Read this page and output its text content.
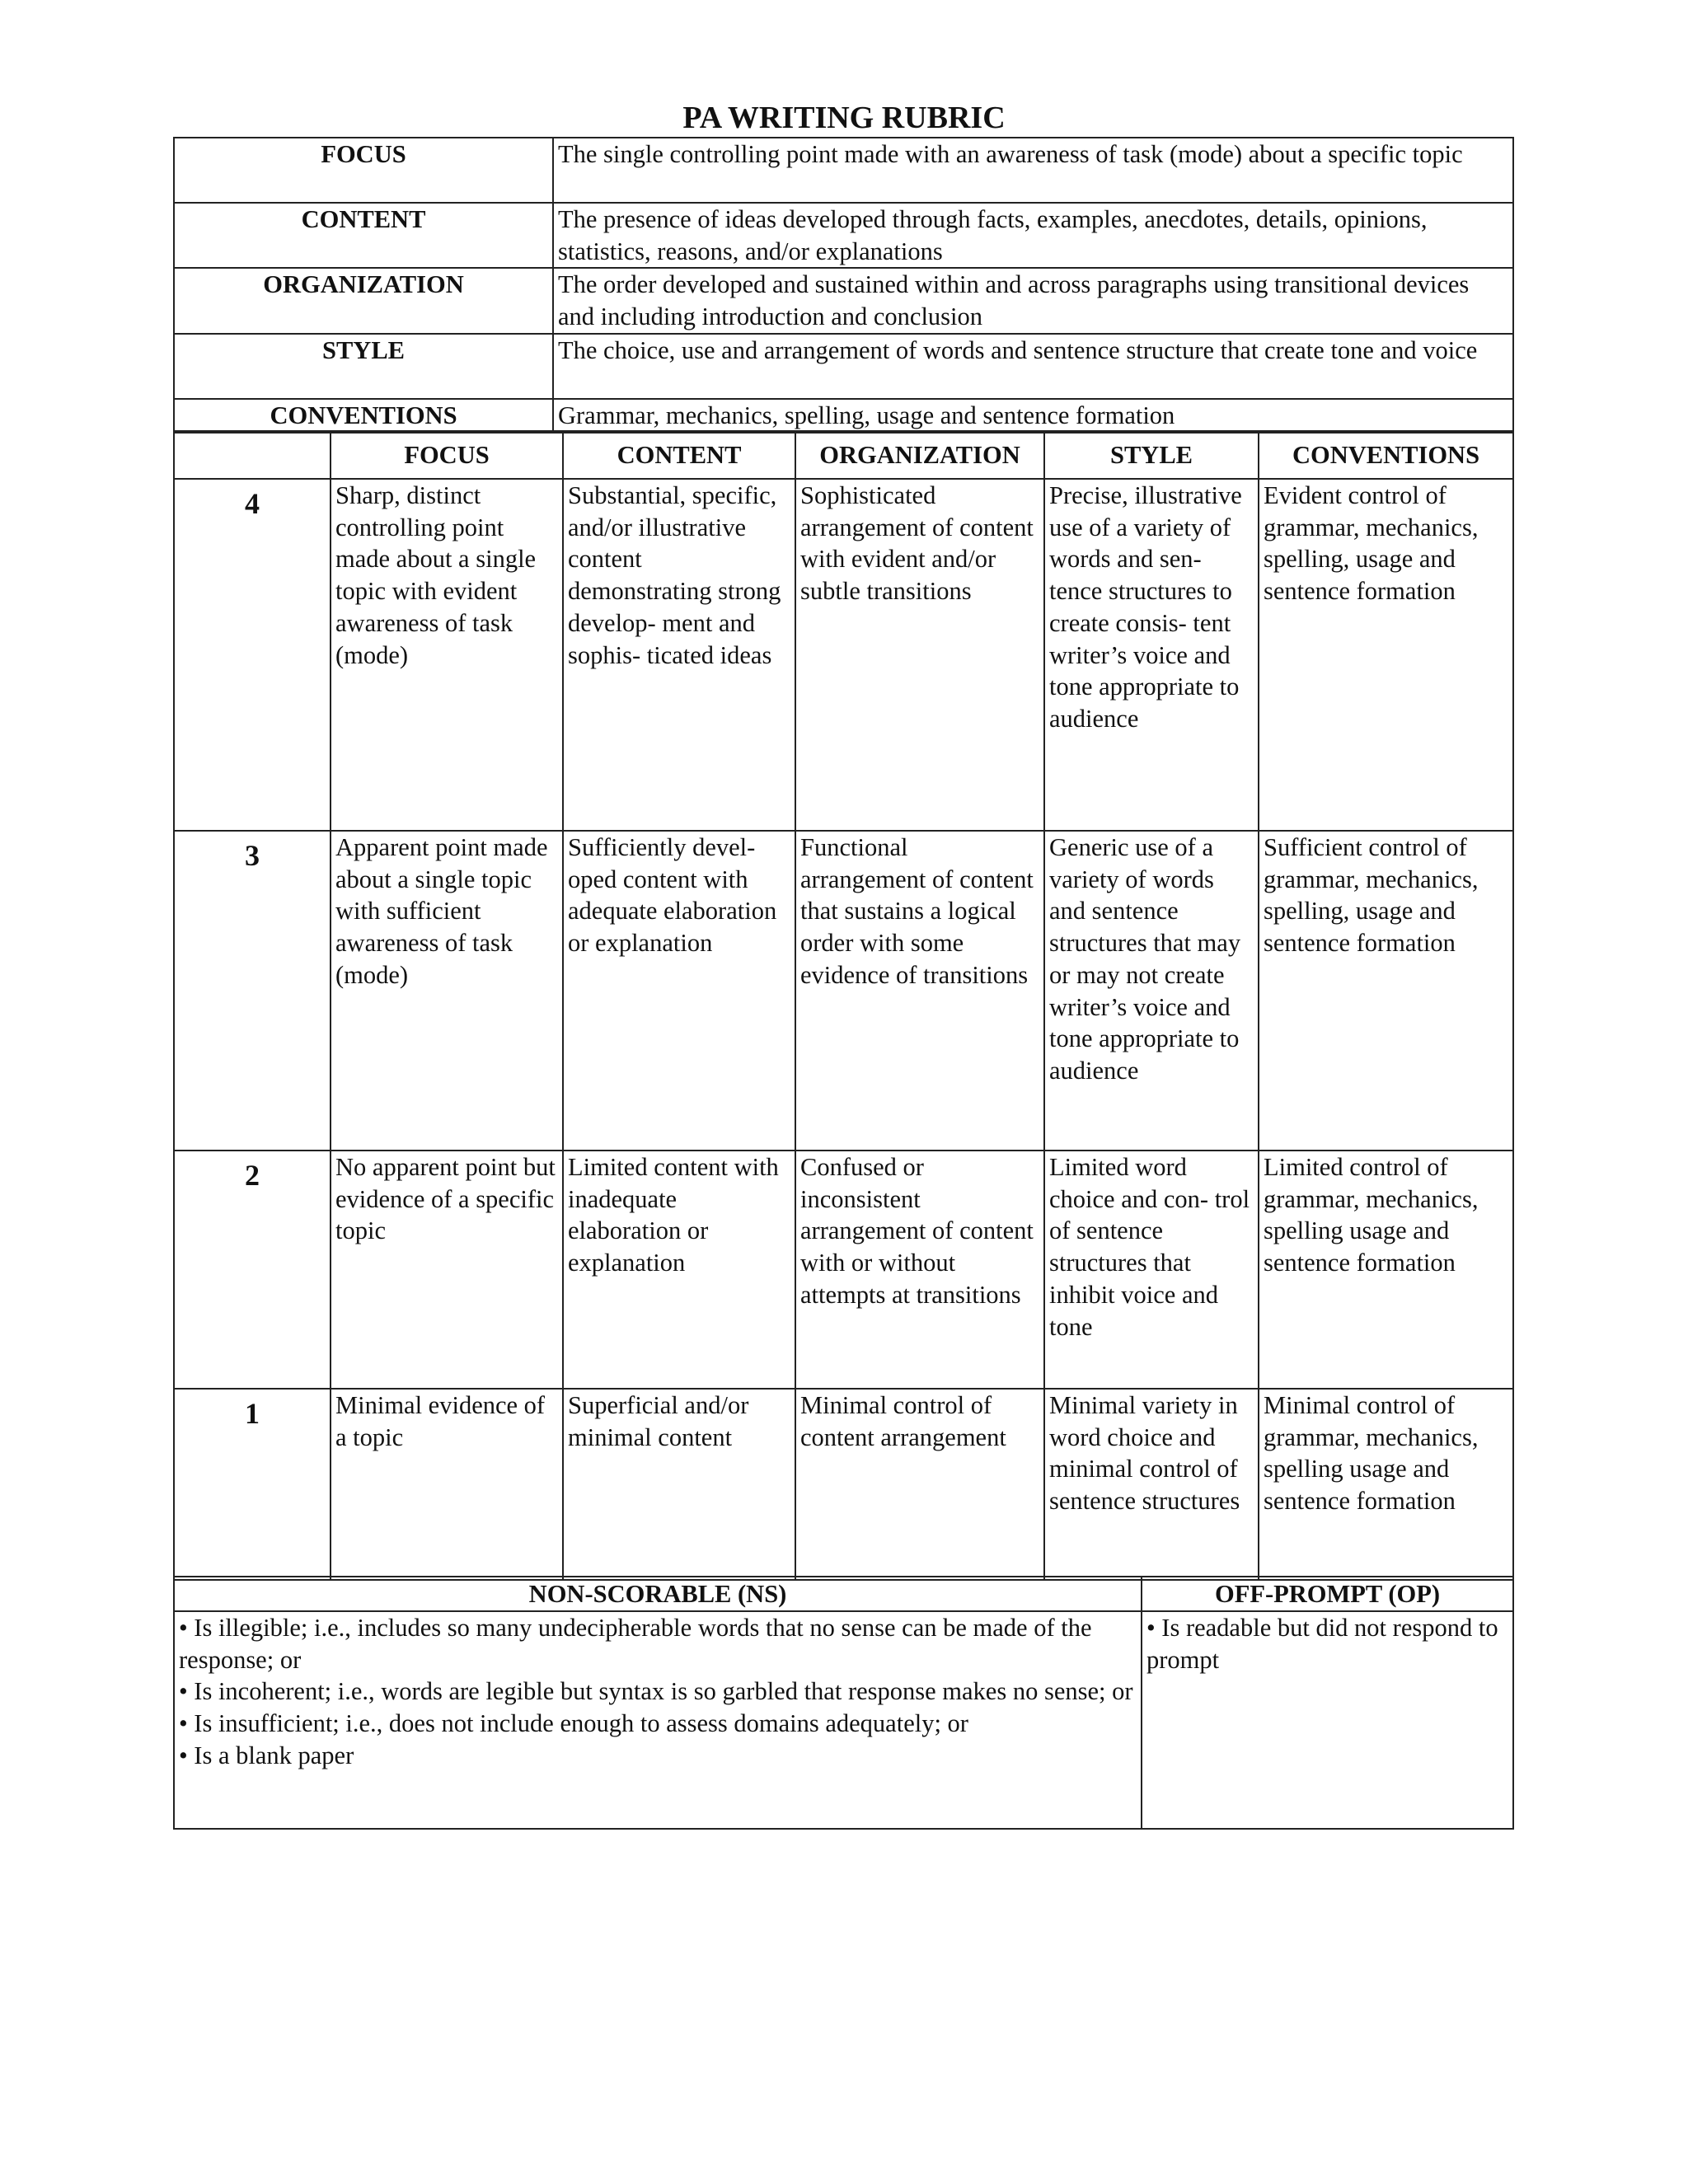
PA WRITING RUBRIC
FOCUS	The single controlling point made with an awareness of task (mode) about a specific topic
CONTENT	The presence of ideas developed through facts, examples, anecdotes, details, opinions, statistics, reasons, and/or explanations
ORGANIZATION	The order developed and sustained within and across paragraphs using transitional devices and including introduction and conclusion
STYLE	The choice, use and arrangement of words and sentence structure that create tone and voice
CONVENTIONS	Grammar, mechanics, spelling, usage and sentence formation
	FOCUS	CONTENT	ORGANIZATION	STYLE	CONVENTIONS
4	Sharp, distinct controlling point made about a single topic with evident awareness of task (mode)	Substantial, specific, and/or illustrative content demonstrating strong develop- ment and sophis- ticated ideas	Sophisticated arrangement of content with evident and/or subtle transitions	Precise, illustrative use of a variety of words and sen- tence structures to create consis- tent writer’s voice and tone appropriate to audience	Evident control of grammar, mechanics, spelling, usage and sentence formation
3	Apparent point made about a single topic with sufficient awareness of task (mode)	Sufficiently devel- oped content with adequate elaboration or explanation	Functional arrangement of content that sustains a logical order with some evidence of transitions	Generic use of a variety of words and sentence structures that may or may not create writer’s voice and tone appropriate to audience	Sufficient control of grammar, mechanics, spelling, usage and sentence formation
2	No apparent point but evidence of a specific topic	Limited content with inadequate elaboration or explanation	Confused or inconsistent arrangement of content with or without attempts at transitions	Limited word choice and con- trol of sentence structures that inhibit voice and tone	Limited control of grammar, mechanics, spelling usage and sentence formation
1	Minimal evidence of a topic	Superficial and/or minimal content	Minimal control of content arrangement	Minimal variety in word choice and minimal control of sentence structures	Minimal control of grammar, mechanics, spelling usage and sentence formation
NON-SCORABLE (NS)	OFF-PROMPT (OP)

• Is illegible; i.e., includes so many undecipherable words that no sense can be made of the response; or
• Is incoherent; i.e., words are legible but syntax is so garbled that response makes no sense; or
• Is insufficient; i.e., does not include enough to assess domains adequately; or
• Is a blank paper	• Is readable but did not respond to prompt
